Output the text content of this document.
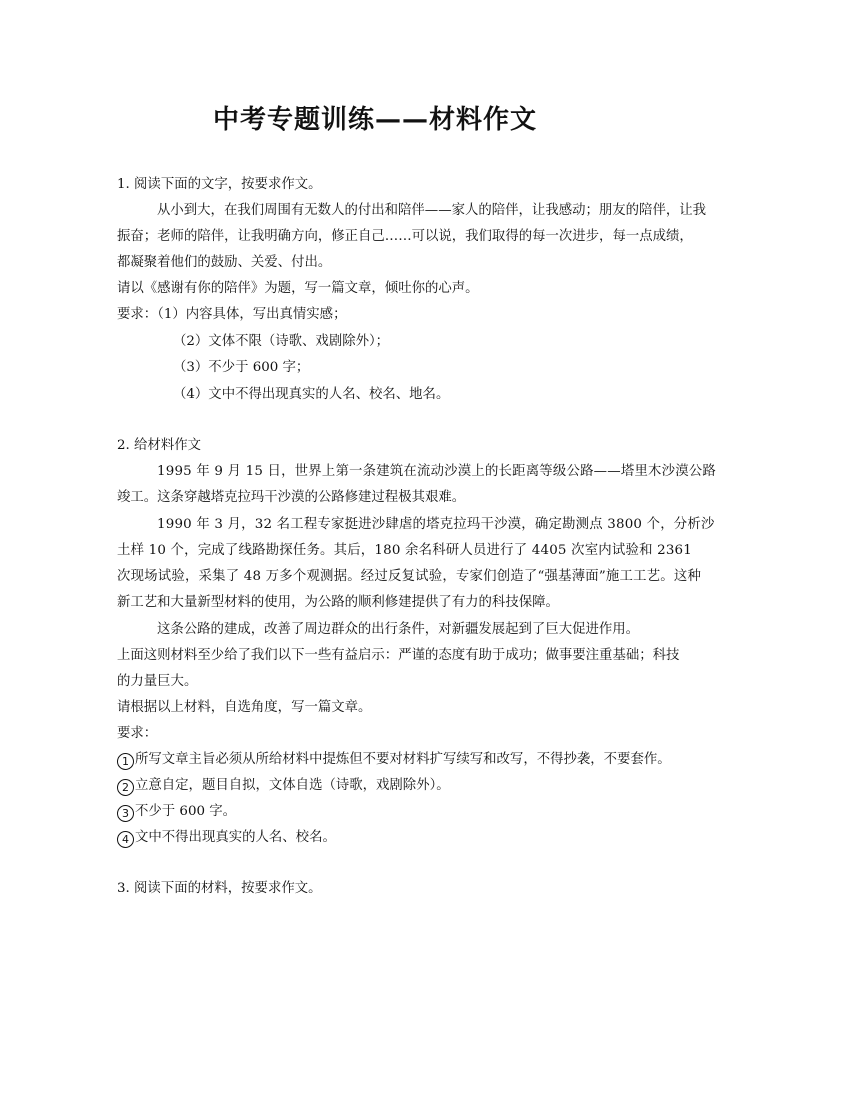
中考专题训练——材料作文
1. 阅读下面的文字，按要求作文。
从小到大，在我们周围有无数人的付出和陪伴——家人的陪伴，让我感动；朋友的陪伴，让我
振奋；老师的陪伴，让我明确方向，修正自己……可以说，我们取得的每一次进步，每一点成绩，
都凝聚着他们的鼓励、关爱、付出。
请以《感谢有你的陪伴》为题，写一篇文章，倾吐你的心声。
要求：（1）内容具体，写出真情实感；
（2）文体不限（诗歌、戏剧除外）；
（3）不少于 600 字；
（4）文中不得出现真实的人名、校名、地名。
2. 给材料作文
1995 年 9 月 15 日，世界上第一条建筑在流动沙漠上的长距离等级公路——塔里木沙漠公路
竣工。这条穿越塔克拉玛干沙漠的公路修建过程极其艰难。
1990 年 3 月，32 名工程专家挺进沙肆虐的塔克拉玛干沙漠，确定勘测点 3800 个，分析沙
土样 10 个，完成了线路勘探任务。其后，180 余名科研人员进行了 4405 次室内试验和 2361
次现场试验，采集了 48 万多个观测据。经过反复试验，专家们创造了“强基薄面”施工工艺。这种
新工艺和大量新型材料的使用，为公路的顺利修建提供了有力的科技保障。
这条公路的建成，改善了周边群众的出行条件，对新疆发展起到了巨大促进作用。
上面这则材料至少给了我们以下一些有益启示：严谨的态度有助于成功；做事要注重基础；科技
的力量巨大。
请根据以上材料，自选角度，写一篇文章。
要求：
1 所写文章主旨必须从所给材料中提炼但不要对材料扩写续写和改写，不得抄袭，不要套作。
2 立意自定，题目自拟，文体自选（诗歌，戏剧除外）。
3 不少于 600 字。
4 文中不得出现真实的人名、校名。
3. 阅读下面的材料，按要求作文。
